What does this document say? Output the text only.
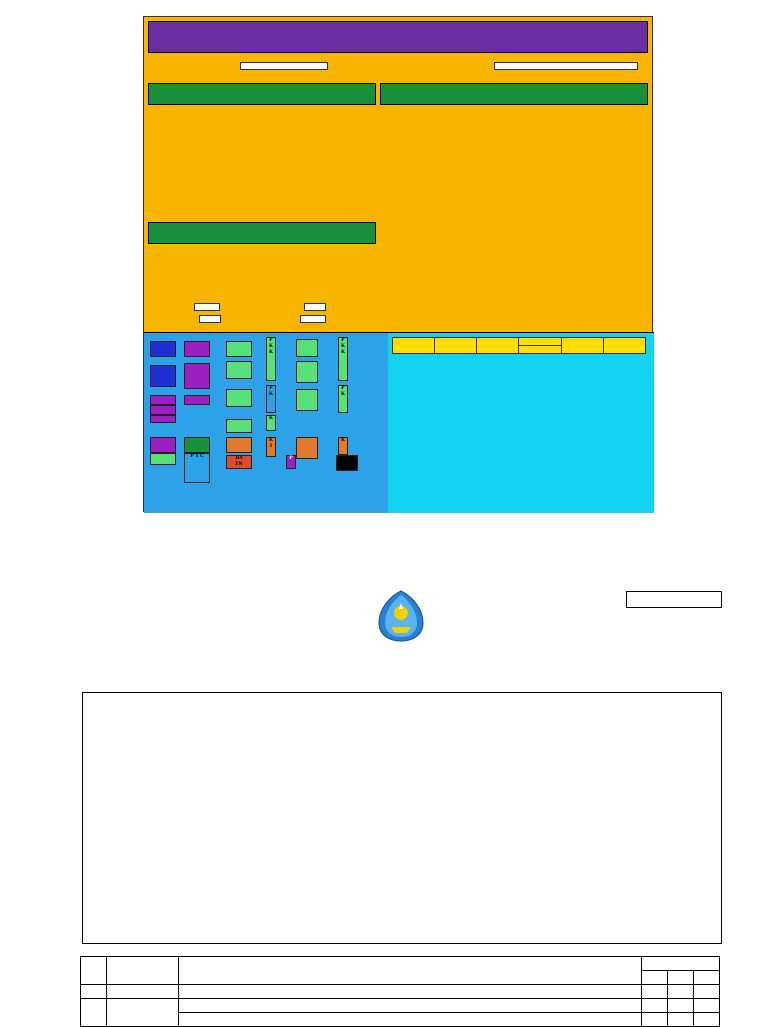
P 1 C	BA
EN
P
K
K
P
K
K
K
1
P
P
K
K
P
K
K
